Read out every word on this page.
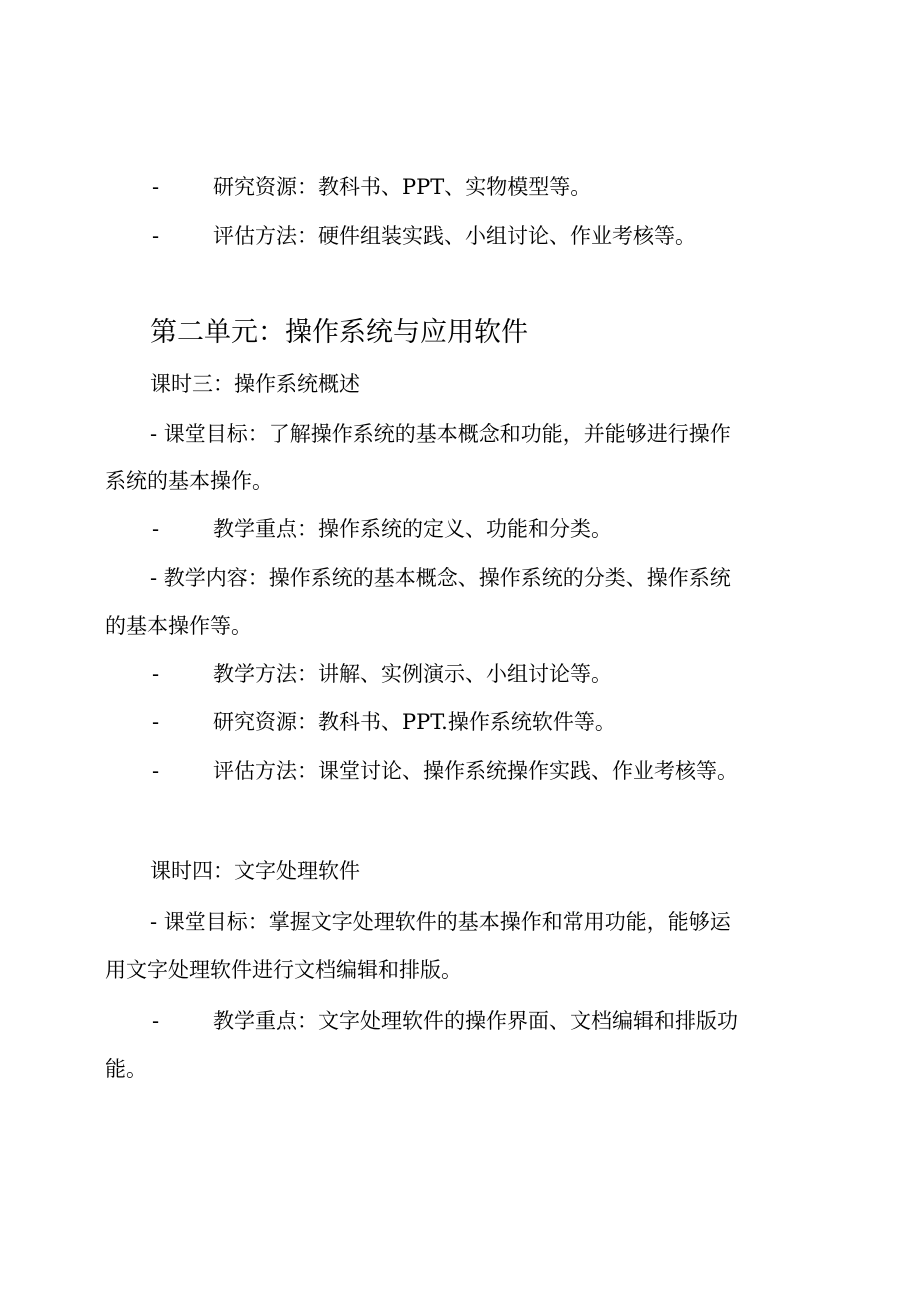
-	研究资源：教科书、PPT、实物模型等。
-	评估方法：硬件组装实践、小组讨论、作业考核等。
第二单元：操作系统与应用软件
课时三：操作系统概述
- 课堂目标：了解操作系统的基本概念和功能，并能够进行操作
系统的基本操作。
-	教学重点：操作系统的定义、功能和分类。
- 教学内容：操作系统的基本概念、操作系统的分类、操作系统
的基本操作等。
-	教学方法：讲解、实例演示、小组讨论等。
-	研究资源：教科书、PPT.操作系统软件等。
-	评估方法：课堂讨论、操作系统操作实践、作业考核等。
课时四：文字处理软件
- 课堂目标：掌握文字处理软件的基本操作和常用功能，能够运
用文字处理软件进行文档编辑和排版。
-	教学重点：文字处理软件的操作界面、文档编辑和排版功
能。
